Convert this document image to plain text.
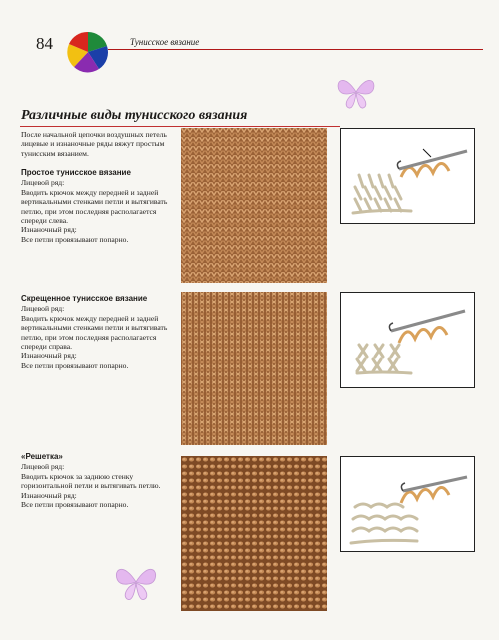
84	Тунисское вязание
Различные виды тунисского вязания

После начальной цепочки воздушных петель лицевые и изнаночные ряды вяжут простым тунисским вязанием.

Простое тунисское вязание

Лицевой ряд:

Вводить крючок между передней и задней вертикальными стенками петли и вытягивать петлю, при этом последняя располагается спереди слева.

Изнаночный ряд:

Все петли провязывают попарно.

Скрещенное тунисское вязание

Лицевой ряд:

Вводить крючок между передней и задней вертикальными стенками петли и вытягивать петлю, при этом последняя располагается спереди справа.

Изнаночный ряд:

Все петли провязывают попарно.

«Решетка»

Лицевой ряд:

Вводить крючок за заднюю стенку горизонтальной петли и вытягивать петлю.

Изнаночный ряд:

Все петли провязывают попарно.
